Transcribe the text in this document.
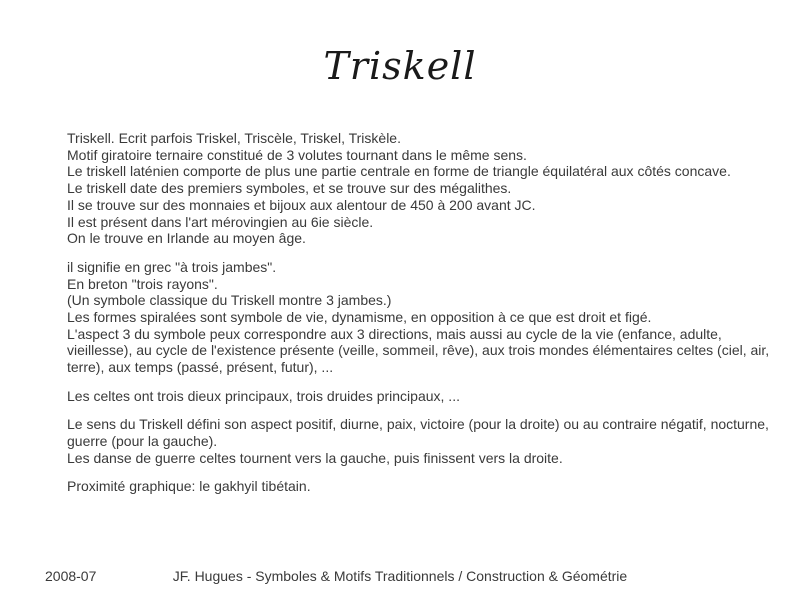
Triskell
Triskell. Ecrit parfois Triskel, Triscèle, Triskel, Triskèle.
Motif giratoire ternaire constitué de 3 volutes tournant dans le même sens.
Le triskell laténien comporte de plus une partie centrale en forme de triangle équilatéral aux côtés concave.
Le triskell date des premiers symboles, et se trouve sur des mégalithes.
Il se trouve sur des monnaies et bijoux aux alentour de 450 à 200 avant JC.
Il est présent dans l'art mérovingien au 6ie siècle.
On le trouve en Irlande au moyen âge.
il signifie en grec "à trois jambes".
En breton "trois rayons".
(Un symbole classique du Triskell montre 3 jambes.)
Les formes spiralées sont symbole de vie, dynamisme, en opposition à ce que est droit et figé.
L'aspect 3 du symbole peux correspondre aux 3 directions, mais aussi au cycle de la vie (enfance, adulte,
vieillesse), au cycle de l'existence présente (veille, sommeil, rêve), aux trois mondes élémentaires celtes (ciel, air,
terre), aux temps (passé, présent, futur), ...
Les celtes ont trois dieux principaux, trois druides principaux, ...
Le sens du Triskell défini son aspect positif, diurne, paix, victoire (pour la droite) ou au contraire négatif, nocturne,
guerre (pour la gauche).
Les danse de guerre celtes tournent vers la gauche, puis finissent vers la droite.
Proximité graphique: le gakhyil tibétain.
2008-07	JF. Hugues - Symboles & Motifs Traditionnels / Construction & Géométrie
